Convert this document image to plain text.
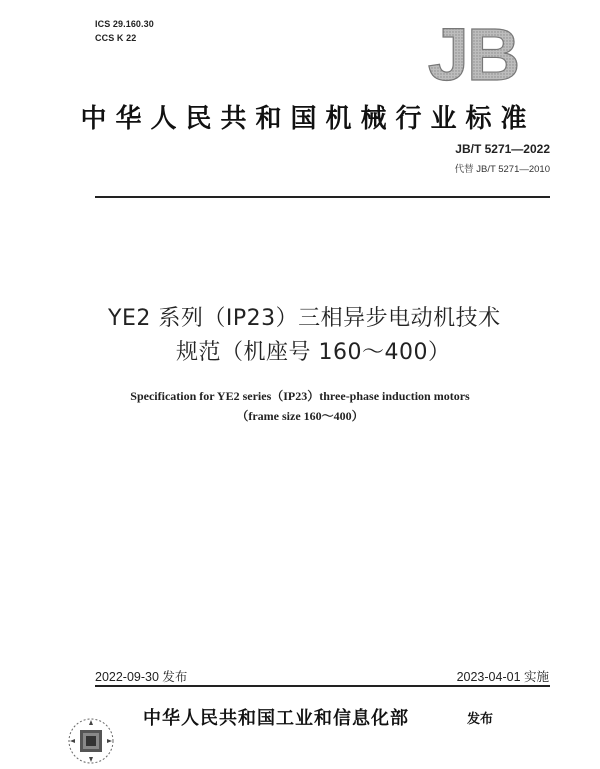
ICS 29.160.30
CCS K 22	JB
中华人民共和国机械行业标准
JB/T 5271—2022
代替 JB/T 5271—2010
YE2 系列（IP23）三相异步电动机技术
规范（机座号 160～400）
Specification for YE2 series（IP23）three-phase induction motors
（frame size 160～400）
2022-09-30 发布	2023-04-01 实施
中华人民共和国工业和信息化部	发布
